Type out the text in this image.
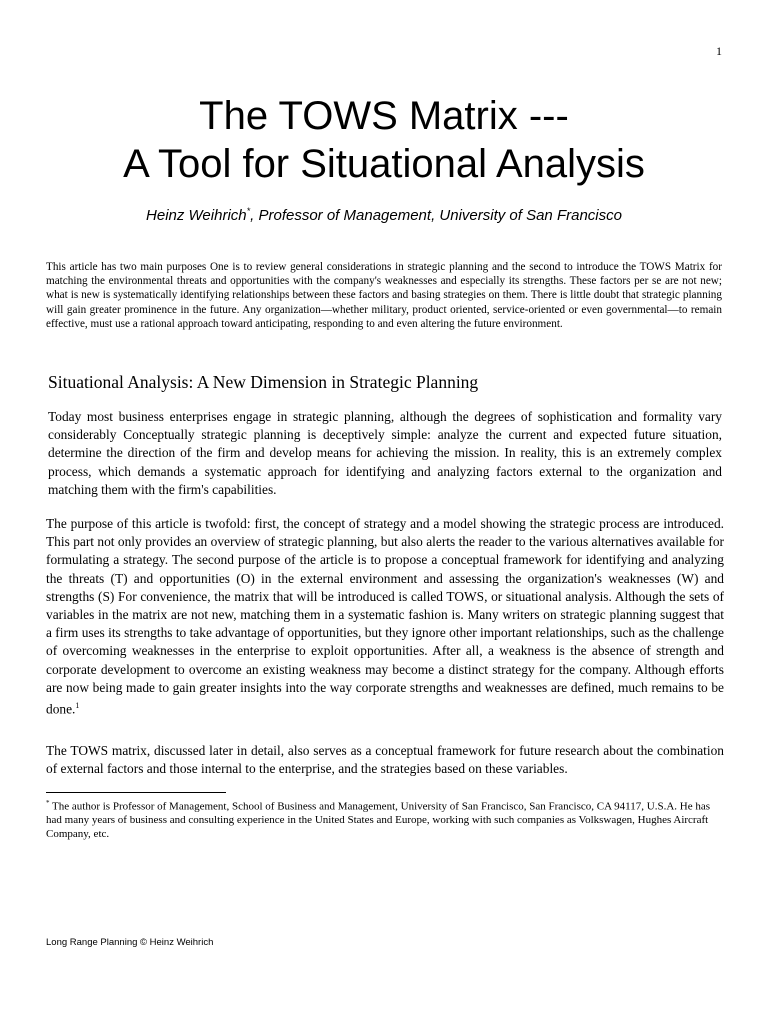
1
The TOWS Matrix ---
A Tool for Situational Analysis
Heinz Weihrich*, Professor of Management, University of San Francisco

This article has two main purposes One is to review general considerations in strategic planning and the second to introduce the TOWS Matrix for matching the environmental threats and opportunities with the company's weaknesses and especially its strengths. These factors per se are not new; what is new is systematically identifying relationships between these factors and basing strategies on them. There is little doubt that strategic planning will gain greater prominence in the future. Any organization—whether military, product oriented, service-oriented or even governmental—to remain effective, must use a rational approach toward anticipating, responding to and even altering the future environment.

Situational Analysis: A New Dimension in Strategic Planning

Today most business enterprises engage in strategic planning, although the degrees of sophistication and formality vary considerably Conceptually strategic planning is deceptively simple: analyze the current and expected future situation, determine the direction of the firm and develop means for achieving the mission. In reality, this is an extremely complex process, which demands a systematic approach for identifying and analyzing factors external to the organization and matching them with the firm's capabilities.

The purpose of this article is twofold: first, the concept of strategy and a model showing the strategic process are introduced. This part not only provides an overview of strategic planning, but also alerts the reader to the various alternatives available for formulating a strategy. The second purpose of the article is to propose a conceptual framework for identifying and analyzing the threats (T) and opportunities (O) in the external environment and assessing the organization's weaknesses (W) and strengths (S) For convenience, the matrix that will be introduced is called TOWS, or situational analysis. Although the sets of variables in the matrix are not new, matching them in a systematic fashion is. Many writers on strategic planning suggest that a firm uses its strengths to take advantage of opportunities, but they ignore other important relationships, such as the challenge of overcoming weaknesses in the enterprise to exploit opportunities. After all, a weakness is the absence of strength and corporate development to overcome an existing weakness may become a distinct strategy for the company. Although efforts are now being made to gain greater insights into the way corporate strengths and weaknesses are defined, much remains to be done.$^1$

The TOWS matrix, discussed later in detail, also serves as a conceptual framework for future research about the combination of external factors and those internal to the enterprise, and the strategies based on these variables.

* The author is Professor of Management, School of Business and Management, University of San Francisco, San Francisco, CA 94117, U.S.A. He has had many years of business and consulting experience in the United States and Europe, working with such companies as Volkswagen, Hughes Aircraft Company, etc.

Long Range Planning © Heinz Weihrich
